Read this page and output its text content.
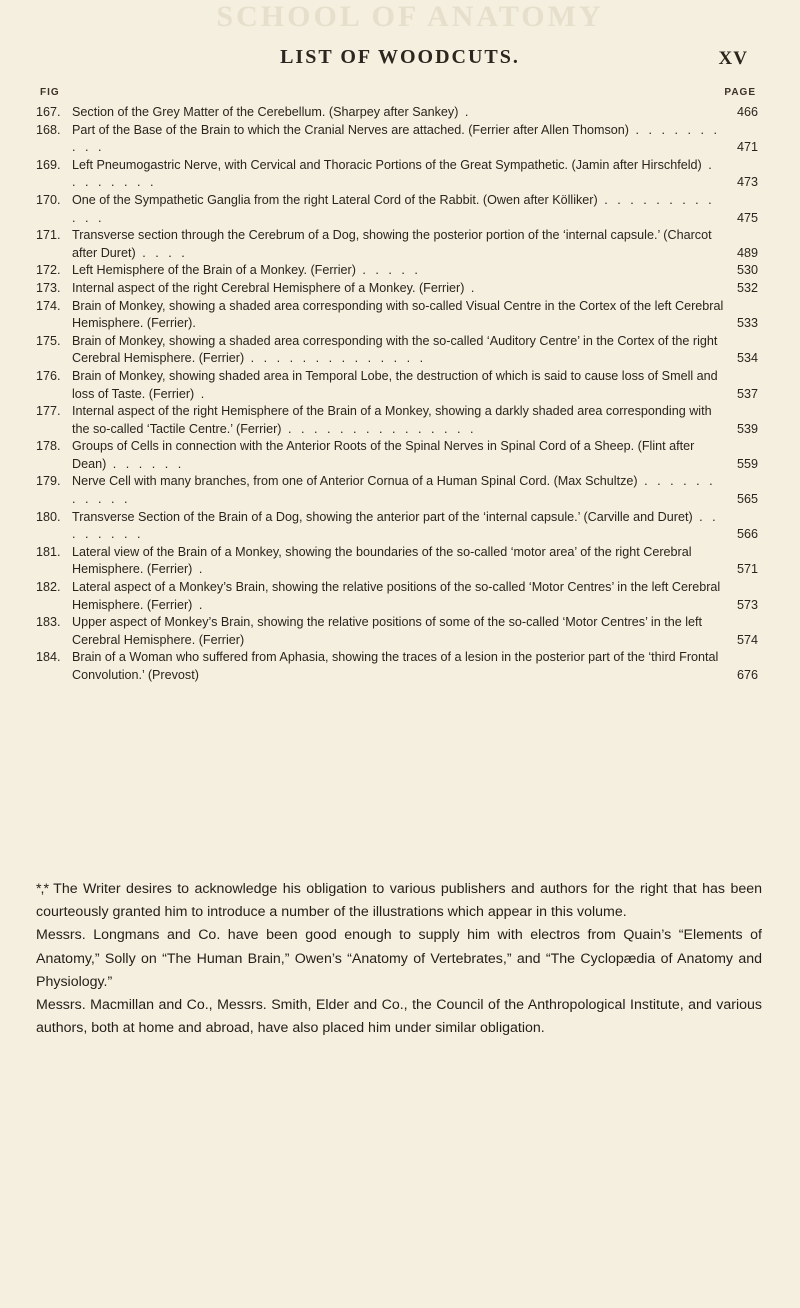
SCHOOL OF ANATOMY
LIST OF WOODCUTS.	XV
FIG	PAGE
167. Section of the Grey Matter of the Cerebellum. (Sharpey after Sankey) .	466
168. Part of the Base of the Brain to which the Cranial Nerves are attached. (Ferrier after Allen Thomson) . . . . . . . . . .	471
169. Left Pneumogastric Nerve, with Cervical and Thoracic Portions of the Great Sympathetic. (Jamin after Hirschfeld) . . . . . . . .	473
170. One of the Sympathetic Ganglia from the right Lateral Cord of the Rabbit. (Owen after Kölliker) . . . . . . . . . . . .	475
171. Transverse section through the Cerebrum of a Dog, showing the posterior portion of the ‘internal capsule.’ (Charcot after Duret) . . . .	489
172. Left Hemisphere of the Brain of a Monkey. (Ferrier) . . . . .	530
173. Internal aspect of the right Cerebral Hemisphere of a Monkey. (Ferrier) .	532
174. Brain of Monkey, showing a shaded area corresponding with so-called Visual Centre in the Cortex of the left Cerebral Hemisphere. (Ferrier).	533
175. Brain of Monkey, showing a shaded area corresponding with the so-called ‘Auditory Centre’ in the Cortex of the right Cerebral Hemisphere. (Ferrier) . . . . . . . . . . . . . .	534
176. Brain of Monkey, showing shaded area in Temporal Lobe, the destruction of which is said to cause loss of Smell and loss of Taste. (Ferrier) .	537
177. Internal aspect of the right Hemisphere of the Brain of a Monkey, showing a darkly shaded area corresponding with the so-called ‘Tactile Centre.’ (Ferrier) . . . . . . . . . . . . . . .	539
178. Groups of Cells in connection with the Anterior Roots of the Spinal Nerves in Spinal Cord of a Sheep. (Flint after Dean) . . . . . .	559
179. Nerve Cell with many branches, from one of Anterior Cornua of a Human Spinal Cord. (Max Schultze) . . . . . . . . . . .	565
180. Transverse Section of the Brain of a Dog, showing the anterior part of the ‘internal capsule.’ (Carville and Duret) . . . . . . . .	566
181. Lateral view of the Brain of a Monkey, showing the boundaries of the so-called ‘motor area’ of the right Cerebral Hemisphere. (Ferrier) .	571
182. Lateral aspect of a Monkey’s Brain, showing the relative positions of the so-called ‘Motor Centres’ in the left Cerebral Hemisphere. (Ferrier) .	573
183. Upper aspect of Monkey’s Brain, showing the relative positions of some of the so-called ‘Motor Centres’ in the left Cerebral Hemisphere. (Ferrier)	574
184. Brain of a Woman who suffered from Aphasia, showing the traces of a lesion in the posterior part of the ‘third Frontal Convolution.’ (Prevost)	676

*,* The Writer desires to acknowledge his obligation to various publishers and authors for the right that has been courteously granted him to introduce a number of the illustrations which appear in this volume.

Messrs. Longmans and Co. have been good enough to supply him with electros from Quain’s “Elements of Anatomy,” Solly on “The Human Brain,” Owen’s “Anatomy of Vertebrates,” and “The Cyclopædia of Anatomy and Physiology.”

Messrs. Macmillan and Co., Messrs. Smith, Elder and Co., the Council of the Anthropological Institute, and various authors, both at home and abroad, have also placed him under similar obligation.
